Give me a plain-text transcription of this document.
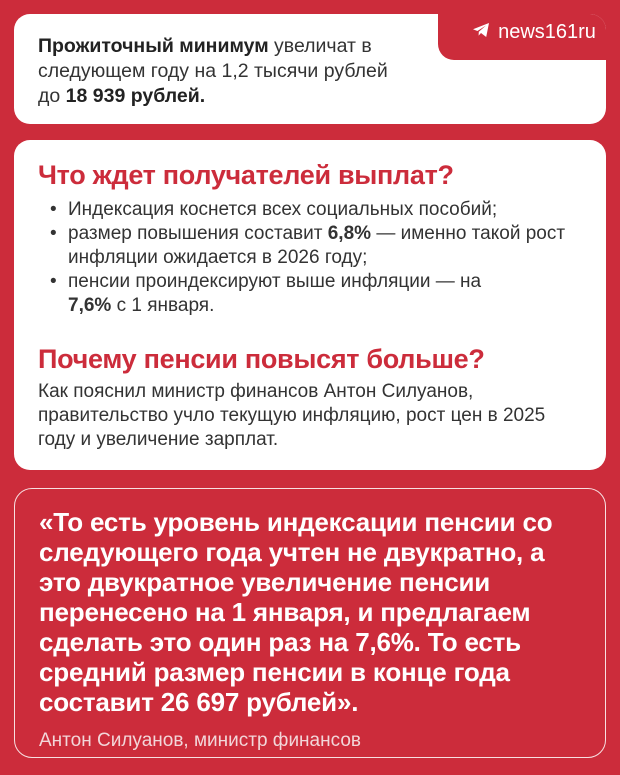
Прожиточный минимум увеличат в следующем году на 1,2 тысячи рублей до 18 939 рублей.
news161ru
Что ждет получателей выплат?
• Индексация коснется всех социальных пособий;
• размер повышения составит 6,8% — именно такой рост инфляции ожидается в 2026 году;
• пенсии проиндексируют выше инфляции — на 7,6% с 1 января.
Почему пенсии повысят больше?
Как пояснил министр финансов Антон Силуанов, правительство учло текущую инфляцию, рост цен в 2025 году и увеличение зарплат.
«То есть уровень индексации пенсии со следующего года учтен не двукратно, а это двукратное увеличение пенсии перенесено на 1 января, и предлагаем сделать это один раз на 7,6%. То есть средний размер пенсии в конце года составит 26 697 рублей».
Антон Силуанов, министр финансов
